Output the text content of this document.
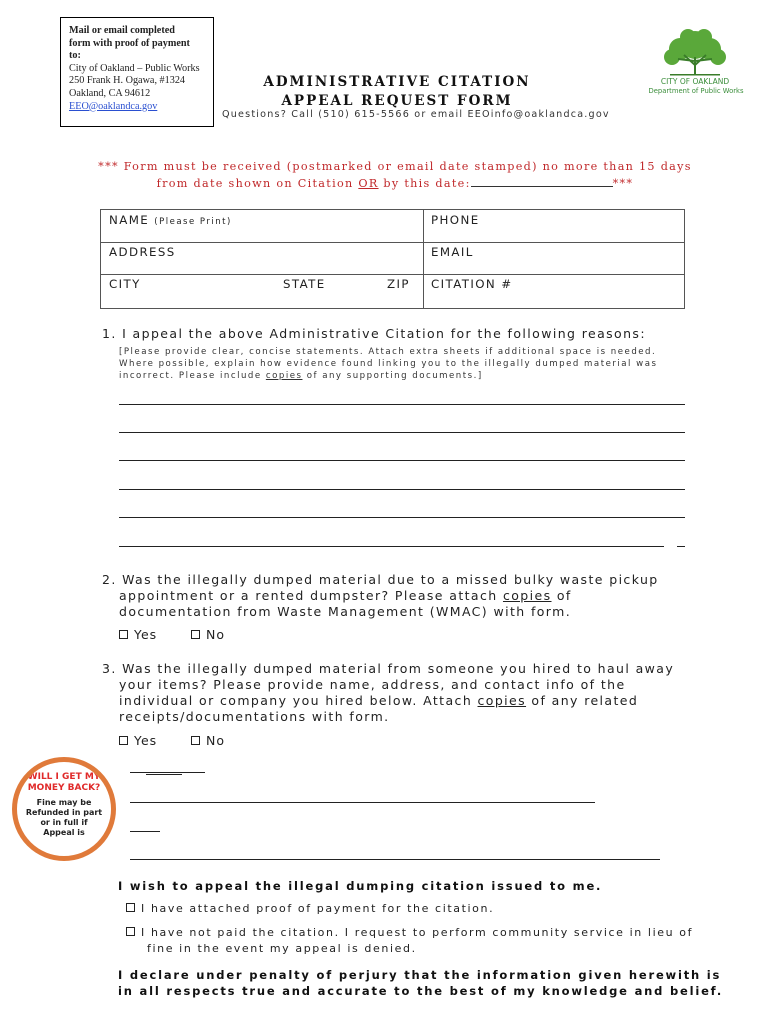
Mail or email completed
form with proof of payment
to:
City of Oakland – Public Works
250 Frank H. Ogawa, #1324
Oakland, CA 94612
EEO@oaklandca.gov
ADMINISTRATIVE CITATION
APPEAL REQUEST FORM
Questions? Call (510) 615-5566 or email EEOinfo@oaklandca.gov
CITY OF OAKLAND
Department of Public Works
*** Form must be received (postmarked or email date stamped) no more than 15 days
from date shown on Citation OR by this date:	***
NAME (Please Print)	PHONE
ADDRESS	EMAIL
CITY	STATE	ZIP CITATION #
1. I appeal the above Administrative Citation for the following reasons:
[Please provide clear, concise statements. Attach extra sheets if additional space is needed.
Where possible, explain how evidence found linking you to the illegally dumped material was
incorrect. Please include copies of any supporting documents.]
2. Was the illegally dumped material due to a missed bulky waste pickup
appointment or a rented dumpster? Please attach copies of
documentation from Waste Management (WMAC) with form.
Yes	No
3. Was the illegally dumped material from someone you hired to haul away
your items? Please provide name, address, and contact info of the
individual or company you hired below. Attach copies of any related
receipts/documentations with form.
Yes	No
WILL I GET MY
MONEY BACK?
Fine may be
Refunded in part
or in full if
Appeal is
I wish to appeal the illegal dumping citation issued to me.
I have attached proof of payment for the citation.
I have not paid the citation. I request to perform community service in lieu of
fine in the event my appeal is denied.
I declare under penalty of perjury that the information given herewith is
in all respects true and accurate to the best of my knowledge and belief.
